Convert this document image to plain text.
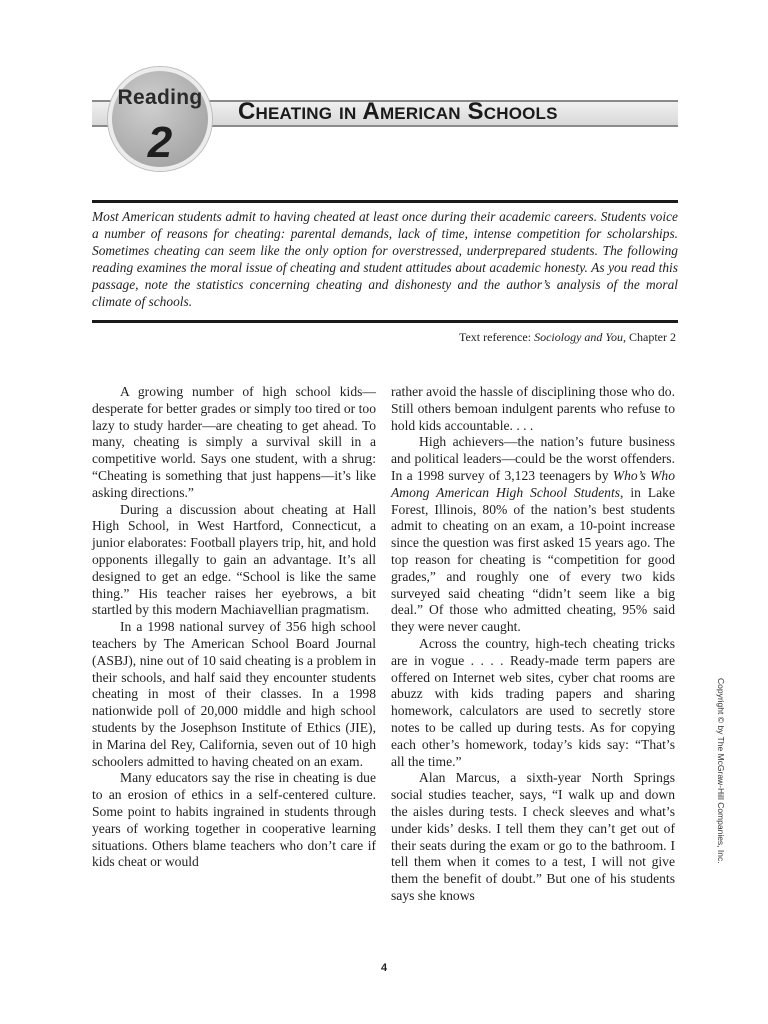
Reading
2
Cheating in American Schools

Most American students admit to having cheated at least once during their academic careers. Students voice a number of reasons for cheating: parental demands, lack of time, intense competition for scholarships. Sometimes cheating can seem like the only option for overstressed, underprepared students. The following reading examines the moral issue of cheating and student attitudes about academic honesty. As you read this passage, note the statistics concerning cheating and dishonesty and the author’s analysis of the moral climate of schools.

Text reference: Sociology and You, Chapter 2

A growing number of high school kids—desperate for better grades or simply too tired or too lazy to study harder—are cheating to get ahead. To many, cheating is simply a survival skill in a competitive world. Says one student, with a shrug: “Cheating is something that just happens—it’s like asking directions.”

During a discussion about cheating at Hall High School, in West Hartford, Connecticut, a junior elaborates: Football players trip, hit, and hold opponents illegally to gain an advantage. It’s all designed to get an edge. “School is like the same thing.” His teacher raises her eyebrows, a bit startled by this modern Machiavellian pragmatism.

In a 1998 national survey of 356 high school teachers by The American School Board Journal (ASBJ), nine out of 10 said cheating is a problem in their schools, and half said they encounter students cheating in most of their classes. In a 1998 nationwide poll of 20,000 middle and high school students by the Josephson Institute of Ethics (JIE), in Marina del Rey, California, seven out of 10 high schoolers admitted to having cheated on an exam.

Many educators say the rise in cheating is due to an erosion of ethics in a self-centered culture. Some point to habits ingrained in students through years of working together in cooperative learning situations. Others blame teachers who don’t care if kids cheat or would

rather avoid the hassle of disciplining those who do. Still others bemoan indulgent parents who refuse to hold kids accountable. . . .

High achievers—the nation’s future business and political leaders—could be the worst offenders. In a 1998 survey of 3,123 teenagers by Who’s Who Among American High School Students, in Lake Forest, Illinois, 80% of the nation’s best students admit to cheating on an exam, a 10-point increase since the question was first asked 15 years ago. The top reason for cheating is “competition for good grades,” and roughly one of every two kids surveyed said cheating “didn’t seem like a big deal.” Of those who admitted cheating, 95% said they were never caught.

Across the country, high-tech cheating tricks are in vogue . . . . Ready-made term papers are offered on Internet web sites, cyber chat rooms are abuzz with kids trading papers and sharing homework, calculators are used to secretly store notes to be called up during tests. As for copying each other’s homework, today’s kids say: “That’s all the time.”

Alan Marcus, a sixth-year North Springs social studies teacher, says, “I walk up and down the aisles during tests. I check sleeves and what’s under kids’ desks. I tell them they can’t get out of their seats during the exam or go to the bathroom. I tell them when it comes to a test, I will not give them the benefit of doubt.” But one of his students says she knows

Copyright © by The McGraw-Hill Companies, Inc.
4
